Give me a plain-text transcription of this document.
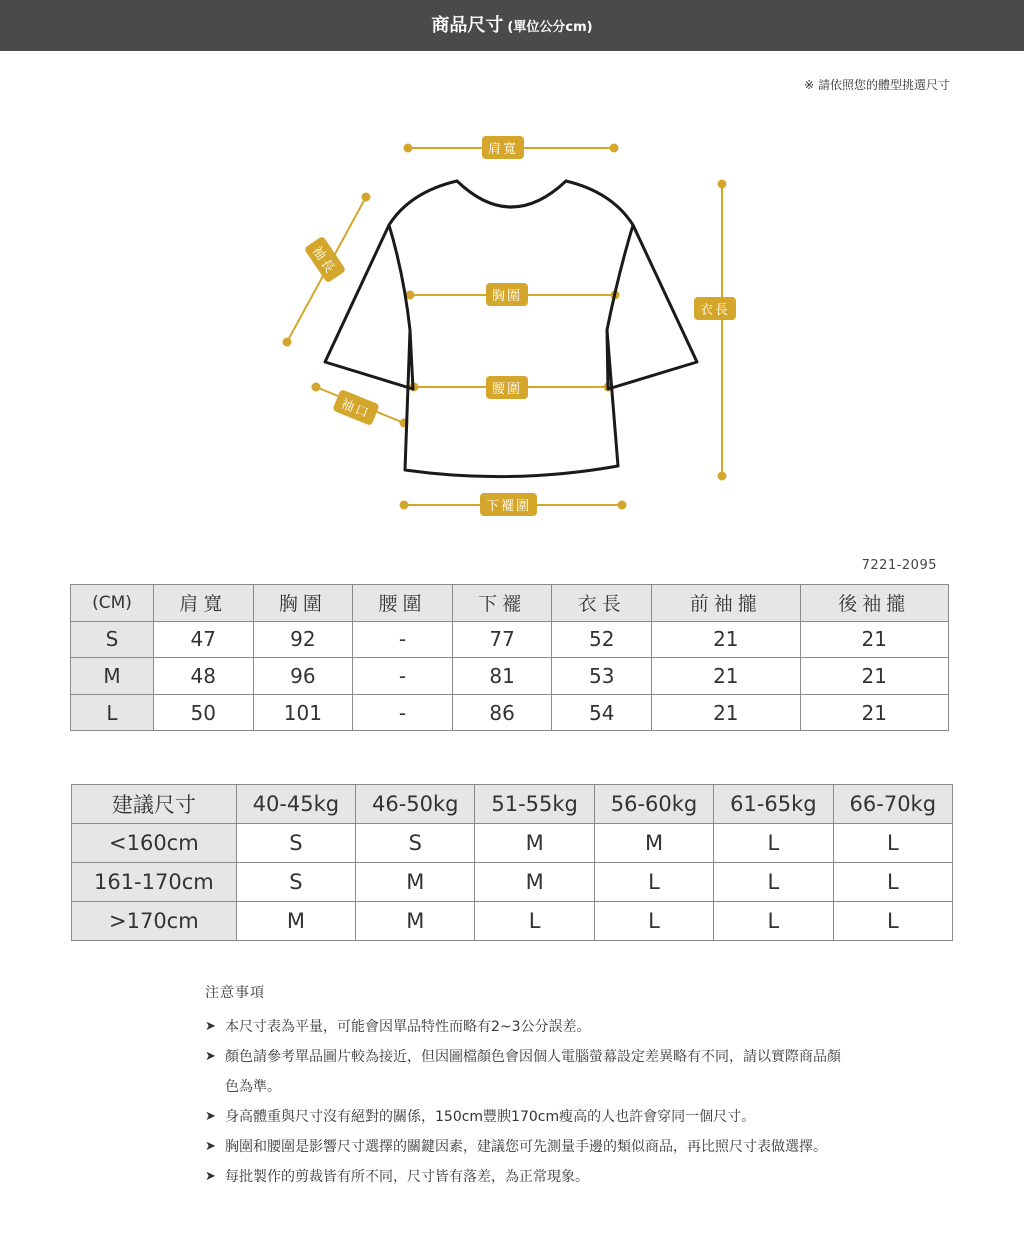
商品尺寸 (單位公分cm)
※ 請依照您的體型挑選尺寸
肩寬
袖長
胸圍
腰圍
袖口
下襬圍
衣長
7221-2095
(CM)	肩寬	胸圍	腰圍	下襬	衣長	前袖攏	後袖攏
S	47	92	-	77	52	21	21
M	48	96	-	81	53	21	21
L	50	101	-	86	54	21	21
建議尺寸	40-45kg	46-50kg	51-55kg	56-60kg	61-65kg	66-70kg
<160cm	S	S	M	M	L	L
161-170cm	S	M	M	L	L	L
>170cm	M	M	L	L	L	L
注意事項
➤ 本尺寸表為平量，可能會因單品特性而略有2~3公分誤差。
➤ 顏色請參考單品圖片較為接近，但因圖檔顏色會因個人電腦螢幕設定差異略有不同，請以實際商品顏色為準。
➤ 身高體重與尺寸沒有絕對的關係，150cm豐腴170cm瘦高的人也許會穿同一個尺寸。
➤ 胸圍和腰圍是影響尺寸選擇的關鍵因素，建議您可先測量手邊的類似商品，再比照尺寸表做選擇。
➤ 每批製作的剪裁皆有所不同，尺寸皆有落差，為正常現象。
